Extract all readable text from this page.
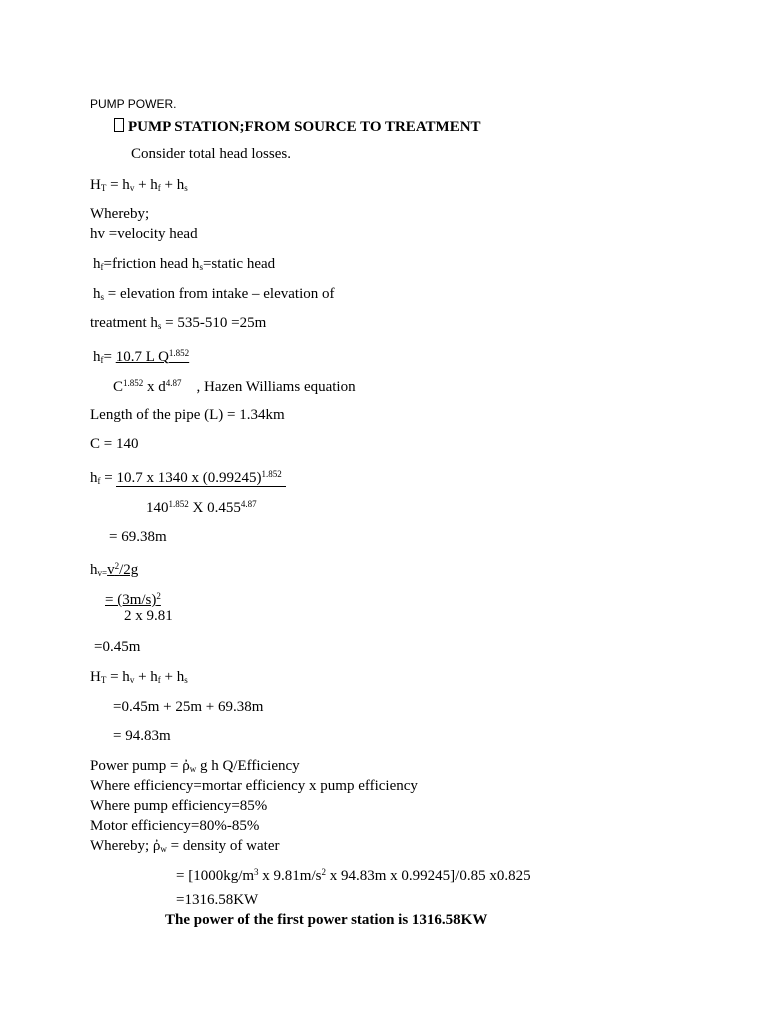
PUMP POWER.
PUMP STATION;FROM SOURCE TO TREATMENT
Consider total head losses.
$H_T = h_v + h_f + h_s$
Whereby;
hv =velocity head
$h_f=friction$ head $h_s=static$ head
$h_s$ = elevation from intake – elevation of
treatment $h_s = 535-510 =25m$
$h_f= 10.7$ L $Q^{1.852}$
$C^{1.852}$ x $d^{4.87}$    , Hazen Williams equation
Length of the pipe (L) = 1.34km
C = 140
$h_f = 10.7$ x 1340 x $(0.99245)^{1.852}$
$140^{1.852}$ X $0.455^{4.87}$
= 69.38m
$h_{v=}v^2/2g$
= $(3m/s)^2$
2 x 9.81
=0.45m
$H_T = h_v + h_f + h_s$
=0.45m + 25m + 69.38m
= 94.83m
Power pump = ῤ$_w$ g h Q/Efficiency
Where efficiency=mortar efficiency x pump efficiency
Where pump efficiency=85%
Motor efficiency=80%-85%
Whereby; ῤ$_w$ = density of water
= [$1000kg/m^3$ x $9.81m/s^2$ x 94.83m x 0.99245]/0.85 x0.825
=1316.58KW
The power of the first power station is 1316.58KW
